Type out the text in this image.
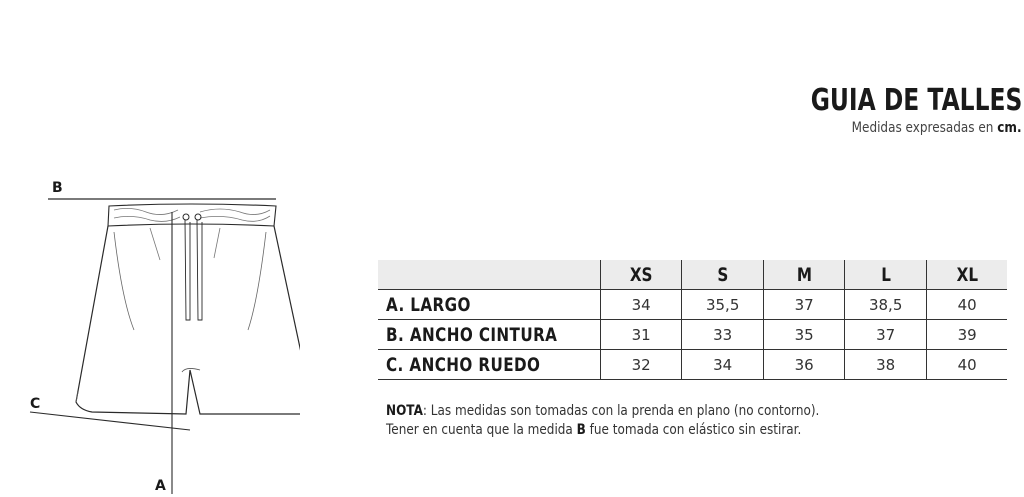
GUIA DE TALLES
Medidas expresadas en cm.
B
C
A
	XS	S	M	L	XL
A. LARGO	34	35,5	37	38,5	40
B. ANCHO CINTURA	31	33	35	37	39
C. ANCHO RUEDO	32	34	36	38	40
NOTA: Las medidas son tomadas con la prenda en plano (no contorno).
Tener en cuenta que la medida B fue tomada con elástico sin estirar.
